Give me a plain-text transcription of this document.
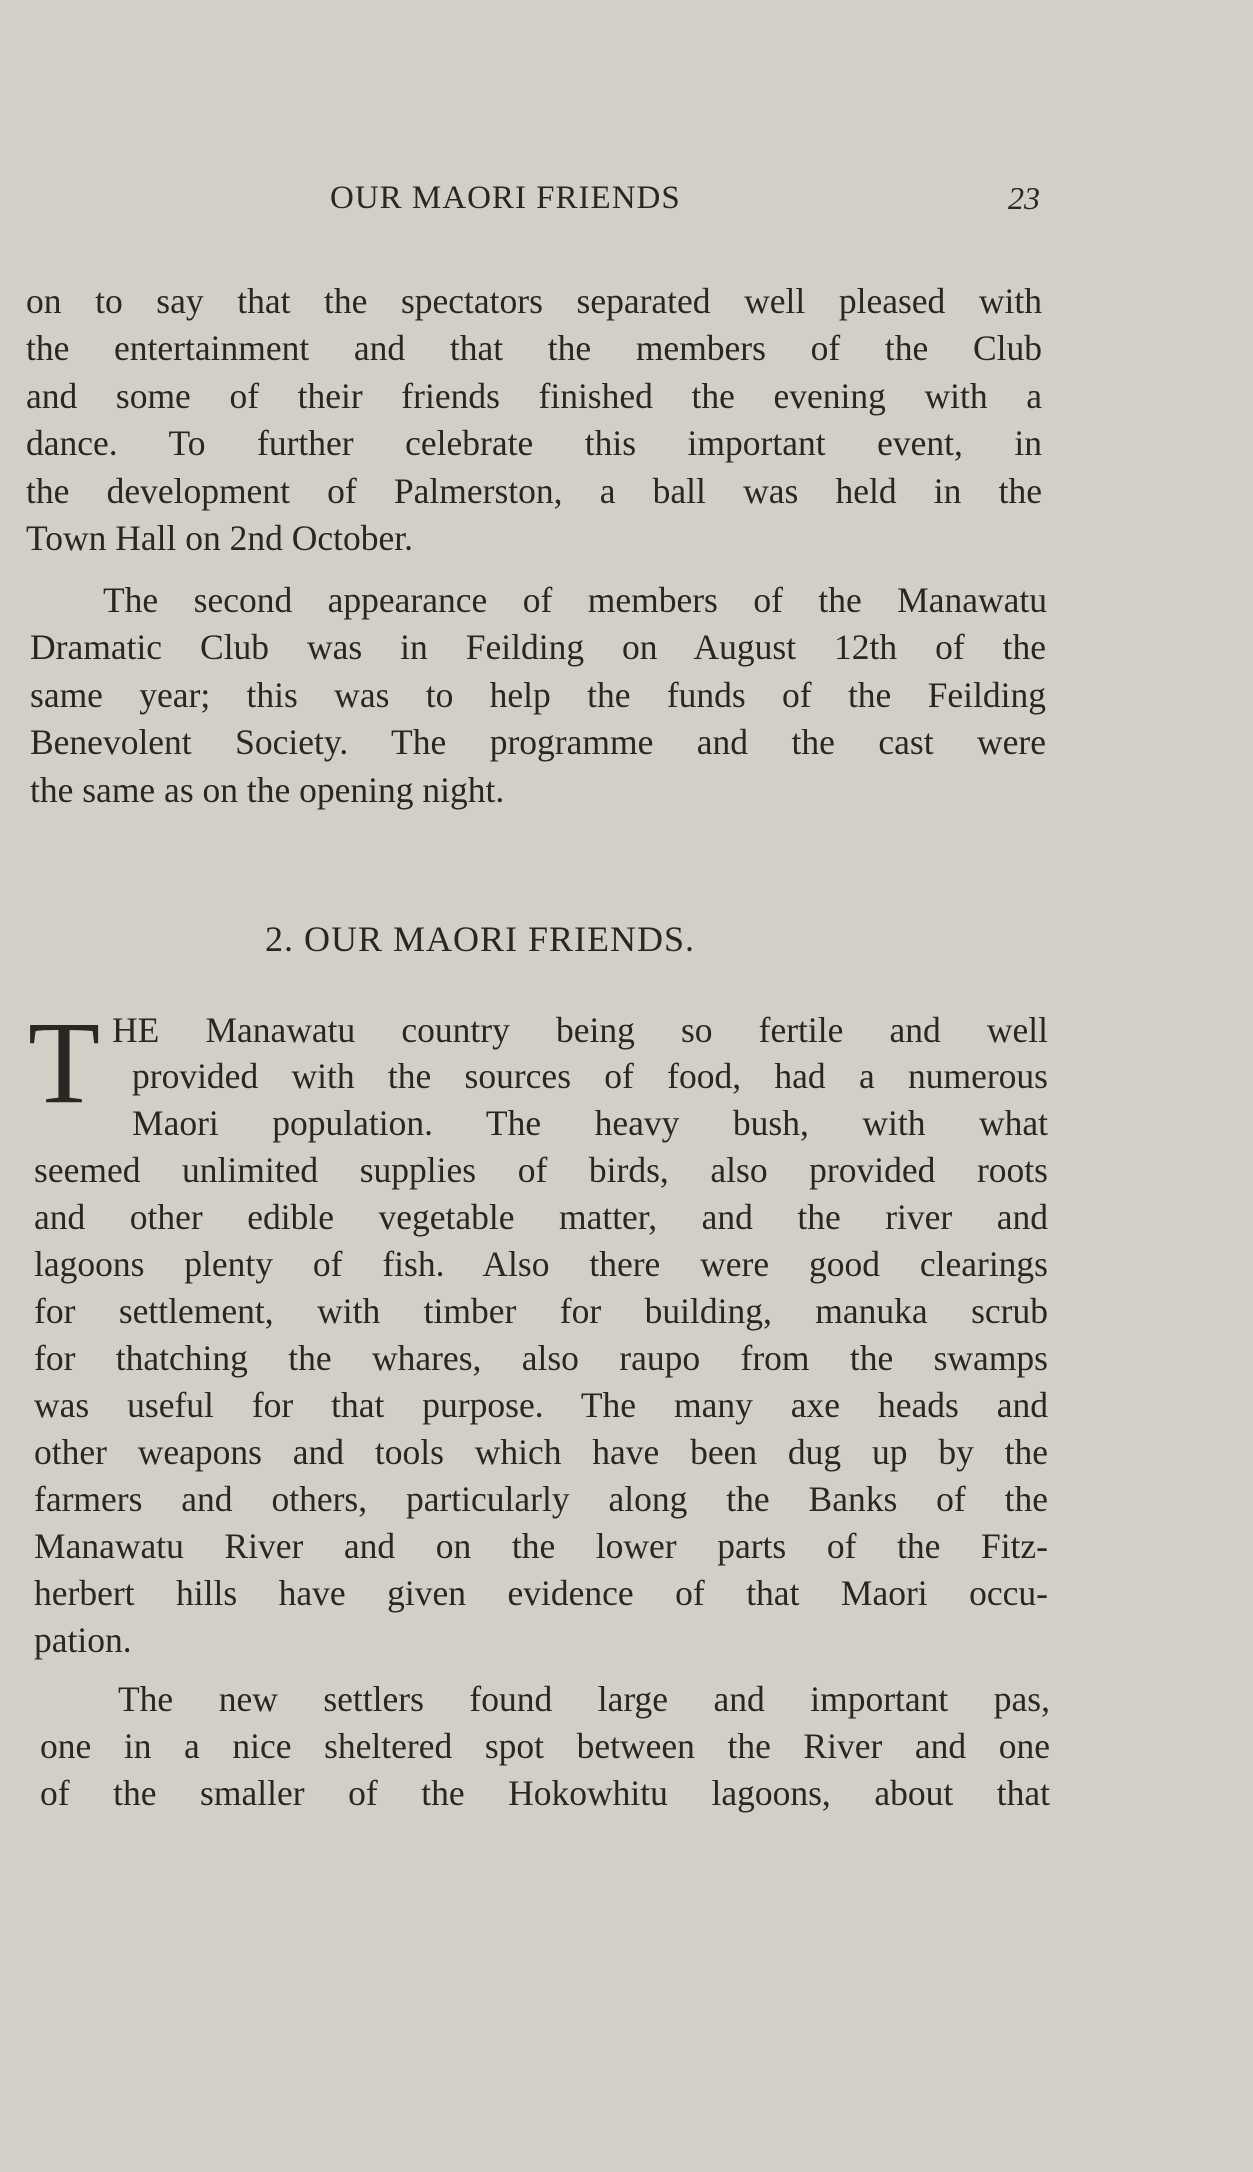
OUR MAORI FRIENDS	23
on to say that the spectators separated well pleased with
the entertainment and that the members of the Club
and some of their friends finished the evening with a
dance. To further celebrate this important event, in
the development of Palmerston, a ball was held in the
Town Hall on 2nd October.
The second appearance of members of the Manawatu
Dramatic Club was in Feilding on August 12th of the
same year; this was to help the funds of the Feilding
Benevolent Society. The programme and the cast were
the same as on the opening night.
2. OUR MAORI FRIENDS.
T HE Manawatu country being so fertile and well
provided with the sources of food, had a numerous
Maori population. The heavy bush, with what
seemed unlimited supplies of birds, also provided roots
and other edible vegetable matter, and the river and
lagoons plenty of fish. Also there were good clearings
for settlement, with timber for building, manuka scrub
for thatching the whares, also raupo from the swamps
was useful for that purpose. The many axe heads and
other weapons and tools which have been dug up by the
farmers and others, particularly along the Banks of the
Manawatu River and on the lower parts of the Fitz-
herbert hills have given evidence of that Maori occu-
pation.
The new settlers found large and important pas,
one in a nice sheltered spot between the River and one
of the smaller of the Hokowhitu lagoons, about that
